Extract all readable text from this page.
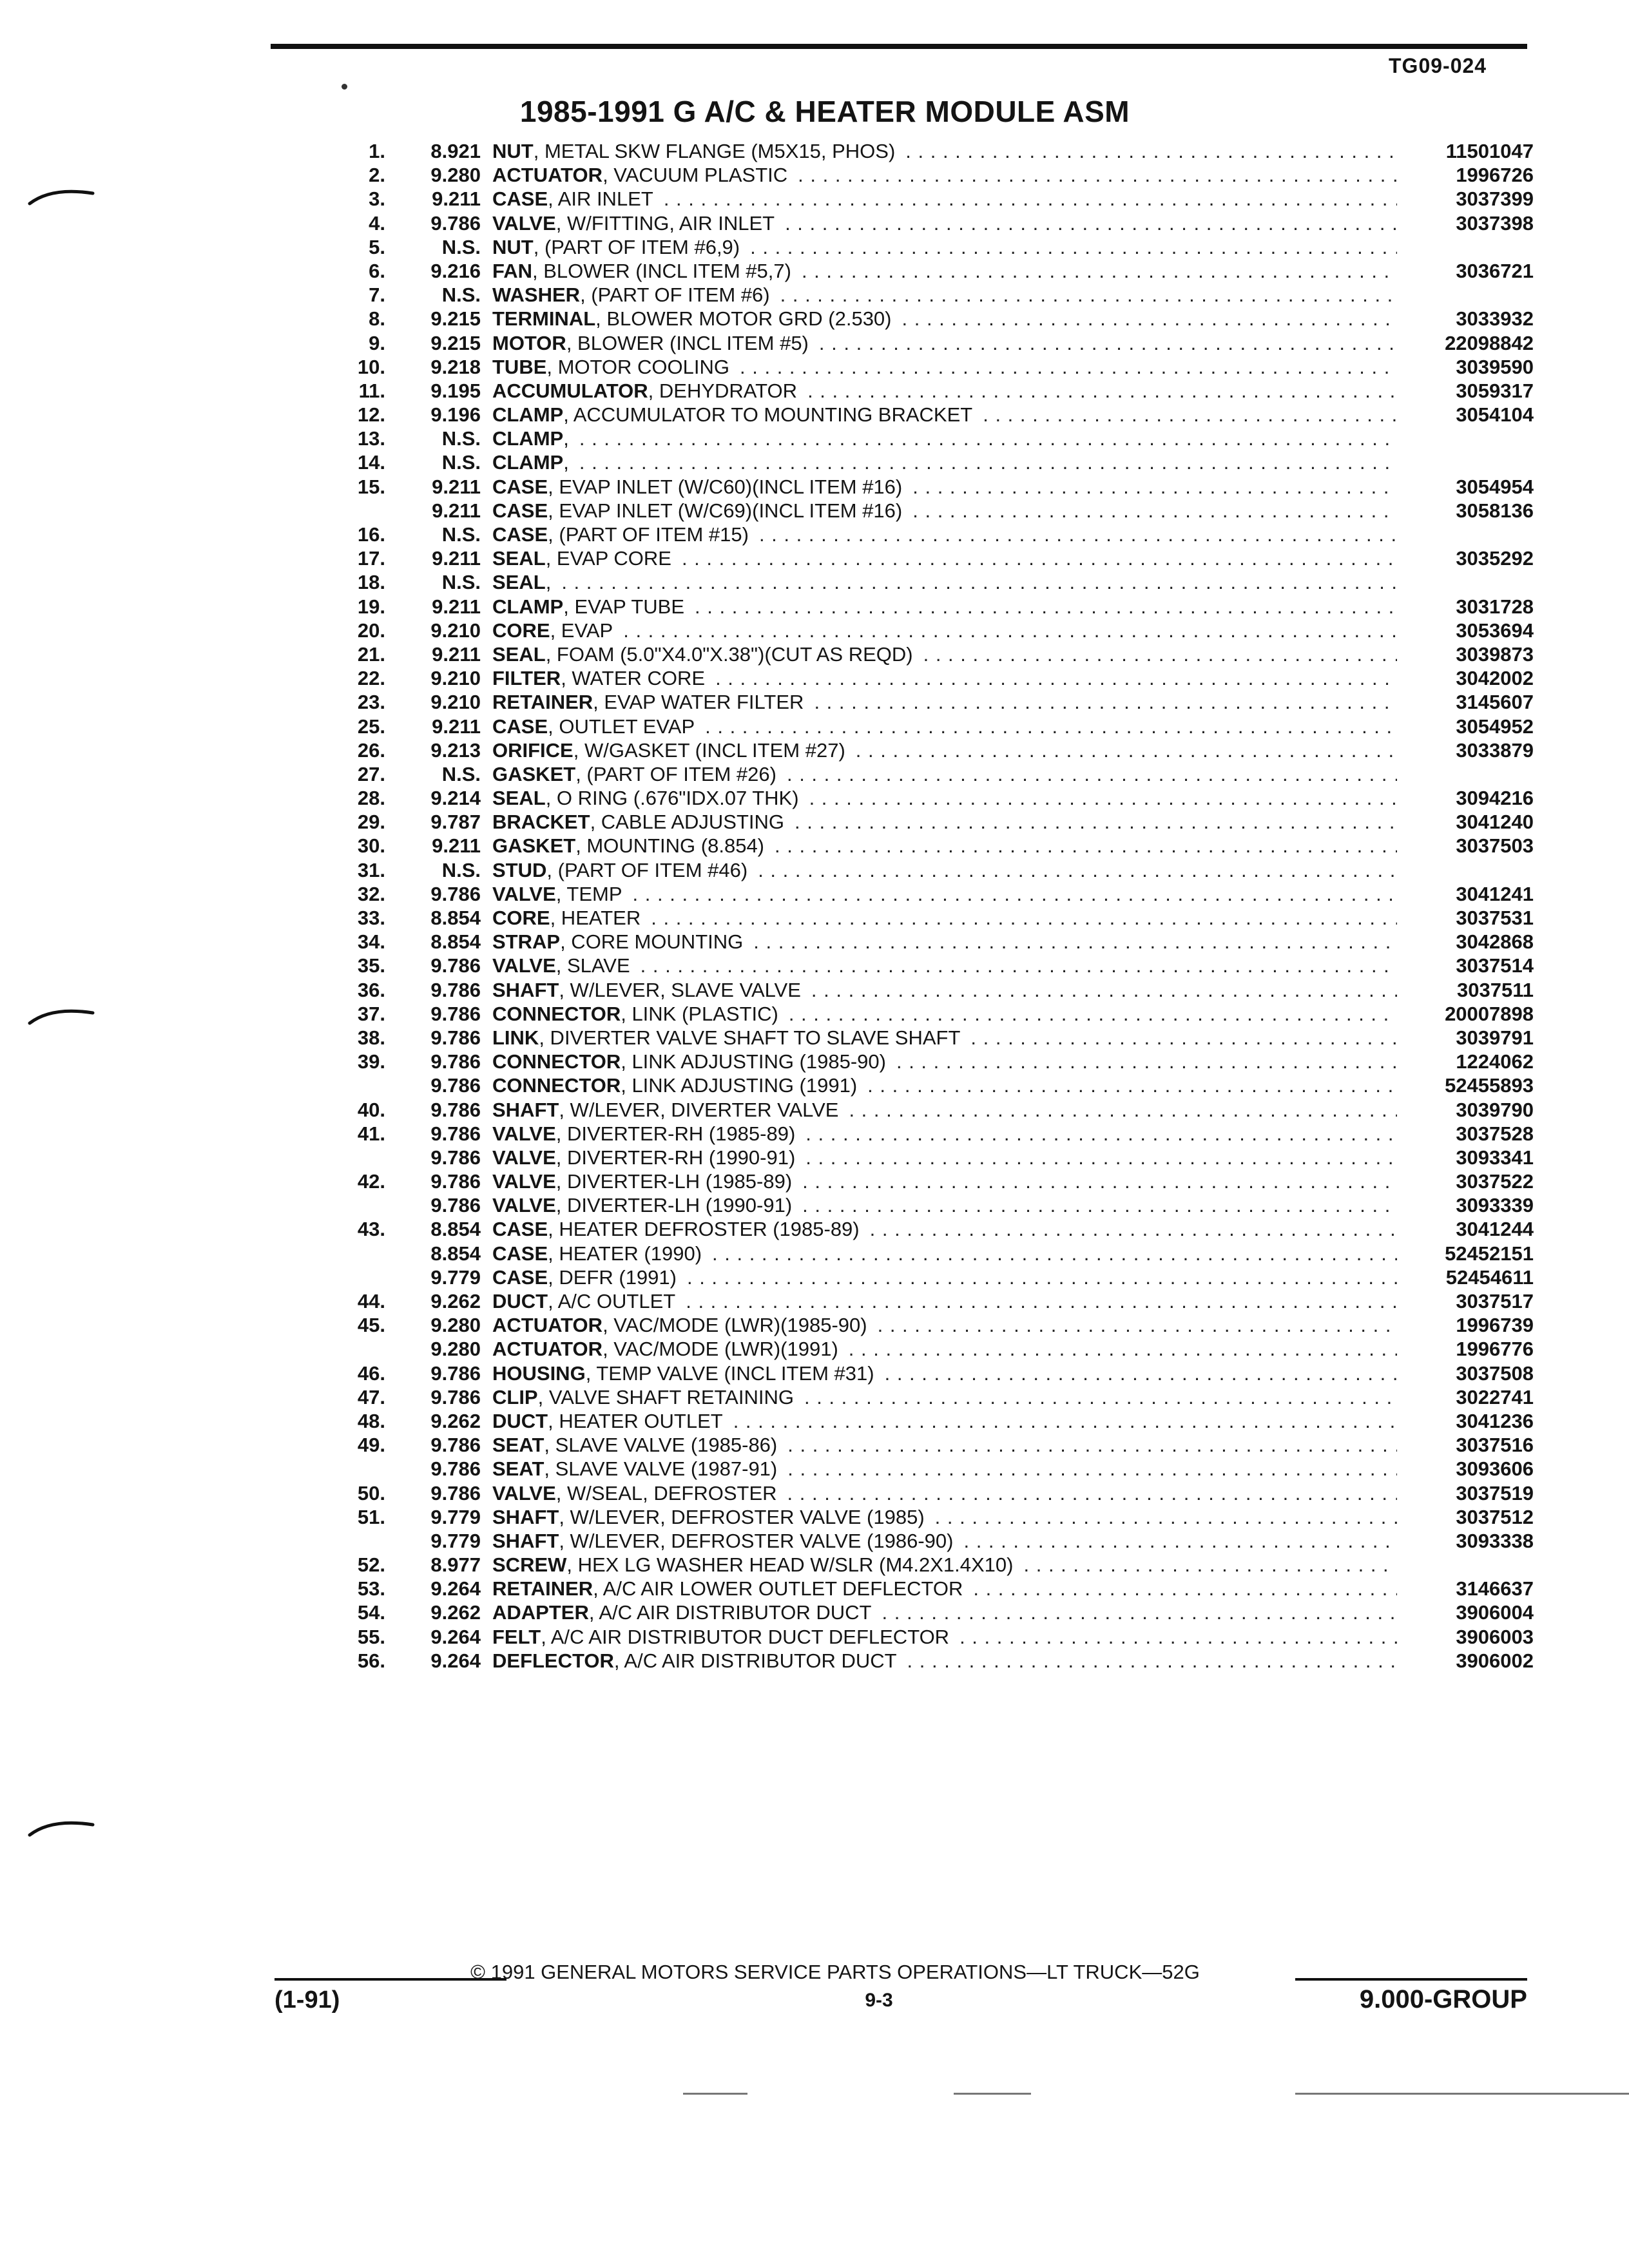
TG09-024
1985-1991 G A/C & HEATER MODULE ASM
1.	8.921 NUT, METAL SKW FLANGE (M5X15, PHOS) . . .	11501047
2.	9.280 ACTUATOR, VACUUM PLASTIC . . .	1996726
3.	9.211 CASE, AIR INLET . . .	3037399
4.	9.786 VALVE, W/FITTING, AIR INLET . . .	3037398
5.	N.S. NUT, (PART OF ITEM #6,9) . . .
6.	9.216 FAN, BLOWER (INCL ITEM #5,7) . . .	3036721
7.	N.S. WASHER, (PART OF ITEM #6) . . .
8.	9.215 TERMINAL, BLOWER MOTOR GRD (2.530) . . .	3033932
9.	9.215 MOTOR, BLOWER (INCL ITEM #5) . . .	22098842
10.	9.218 TUBE, MOTOR COOLING . . .	3039590
11.	9.195 ACCUMULATOR, DEHYDRATOR . . .	3059317
12.	9.196 CLAMP, ACCUMULATOR TO MOUNTING BRACKET . . .	3054104
13.	N.S. CLAMP, . . .
14.	N.S. CLAMP, . . .
15.	9.211 CASE, EVAP INLET (W/C60)(INCL ITEM #16) . . .	3054954
9.211 CASE, EVAP INLET (W/C69)(INCL ITEM #16) . . .	3058136
16.	N.S. CASE, (PART OF ITEM #15) . . .
17.	9.211 SEAL, EVAP CORE . . .	3035292
18.	N.S. SEAL, . . .
19.	9.211 CLAMP, EVAP TUBE . . .	3031728
20.	9.210 CORE, EVAP . . .	3053694
21.	9.211 SEAL, FOAM (5.0"X4.0"X.38")(CUT AS REQD) . . .	3039873
22.	9.210 FILTER, WATER CORE . . .	3042002
23.	9.210 RETAINER, EVAP WATER FILTER . . .	3145607
25.	9.211 CASE, OUTLET EVAP . . .	3054952
26.	9.213 ORIFICE, W/GASKET (INCL ITEM #27) . . .	3033879
27.	N.S. GASKET, (PART OF ITEM #26) . . .
28.	9.214 SEAL, O RING (.676"IDX.07 THK) . . .	3094216
29.	9.787 BRACKET, CABLE ADJUSTING . . .	3041240
30.	9.211 GASKET, MOUNTING (8.854) . . .	3037503
31.	N.S. STUD, (PART OF ITEM #46) . . .
32.	9.786 VALVE, TEMP . . .	3041241
33.	8.854 CORE, HEATER . . .	3037531
34.	8.854 STRAP, CORE MOUNTING . . .	3042868
35.	9.786 VALVE, SLAVE . . .	3037514
36.	9.786 SHAFT, W/LEVER, SLAVE VALVE . . .	3037511
37.	9.786 CONNECTOR, LINK (PLASTIC) . . .	20007898
38.	9.786 LINK, DIVERTER VALVE SHAFT TO SLAVE SHAFT . . .	3039791
39.	9.786 CONNECTOR, LINK ADJUSTING (1985-90) . . .	1224062
9.786 CONNECTOR, LINK ADJUSTING (1991) . . .	52455893
40.	9.786 SHAFT, W/LEVER, DIVERTER VALVE . . .	3039790
41.	9.786 VALVE, DIVERTER-RH (1985-89) . . .	3037528
9.786 VALVE, DIVERTER-RH (1990-91) . . .	3093341
42.	9.786 VALVE, DIVERTER-LH (1985-89) . . .	3037522
9.786 VALVE, DIVERTER-LH (1990-91) . . .	3093339
43.	8.854 CASE, HEATER DEFROSTER (1985-89) . . .	3041244
8.854 CASE, HEATER (1990) . . .	52452151
9.779 CASE, DEFR (1991) . . .	52454611
44.	9.262 DUCT, A/C OUTLET . . .	3037517
45.	9.280 ACTUATOR, VAC/MODE (LWR)(1985-90) . . .	1996739
9.280 ACTUATOR, VAC/MODE (LWR)(1991) . . .	1996776
46.	9.786 HOUSING, TEMP VALVE (INCL ITEM #31) . . .	3037508
47.	9.786 CLIP, VALVE SHAFT RETAINING . . .	3022741
48.	9.262 DUCT, HEATER OUTLET . . .	3041236
49.	9.786 SEAT, SLAVE VALVE (1985-86) . . .	3037516
9.786 SEAT, SLAVE VALVE (1987-91) . . .	3093606
50.	9.786 VALVE, W/SEAL, DEFROSTER . . .	3037519
51.	9.779 SHAFT, W/LEVER, DEFROSTER VALVE (1985) . . .	3037512
9.779 SHAFT, W/LEVER, DEFROSTER VALVE (1986-90) . . .	3093338
52.	8.977 SCREW, HEX LG WASHER HEAD W/SLR (M4.2X1.4X10) . . .
53.	9.264 RETAINER, A/C AIR LOWER OUTLET DEFLECTOR . . .	3146637
54.	9.262 ADAPTER, A/C AIR DISTRIBUTOR DUCT . . .	3906004
55.	9.264 FELT, A/C AIR DISTRIBUTOR DUCT DEFLECTOR . . .	3906003
56.	9.264 DEFLECTOR, A/C AIR DISTRIBUTOR DUCT . . .	3906002
© 1991 GENERAL MOTORS SERVICE PARTS OPERATIONS—LT TRUCK—52G
(1-91)	9-3	9.000-GROUP
